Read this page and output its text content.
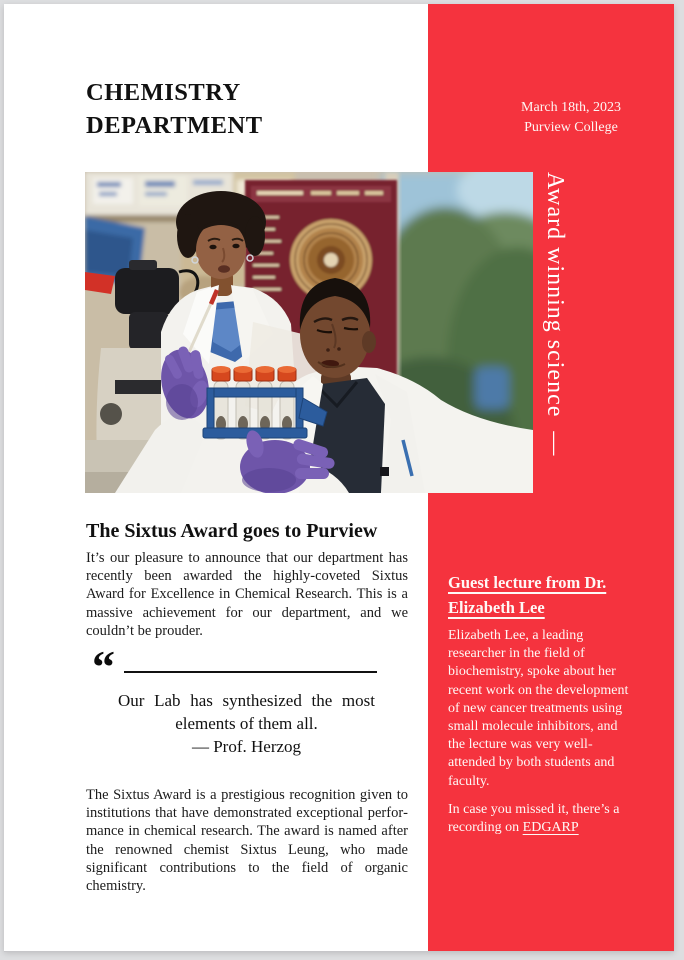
March 18th, 2023
Purview College
Guest lecture from Dr. Elizabeth Lee

Elizabeth Lee, a leading researcher in the field of biochemistry, spoke about her recent work on the development of new cancer treatments using small molecule inhibitors, and the lecture was very well-attended by both students and faculty.

In case you missed it, there’s a recording on EDGARP

CHEMISTRY
DEPARTMENT
Award winning science  —
The Sixtus Award goes to Purview

It’s our pleasure to announce that our department has recently been awarded the highly-coveted Sixtus Award for Excellence in Chemical Research. This is a massive achievement for our department, and we couldn’t be prouder.

“

Our Lab has synthesized the most elements of them all.

— Prof. Herzog

The Sixtus Award is a prestigious recognition given to institutions that have demonstrated exceptional performance in chemical research. The award is named after the renowned chemist Sixtus Leung, who made significant contributions to the field of organic chemistry.
